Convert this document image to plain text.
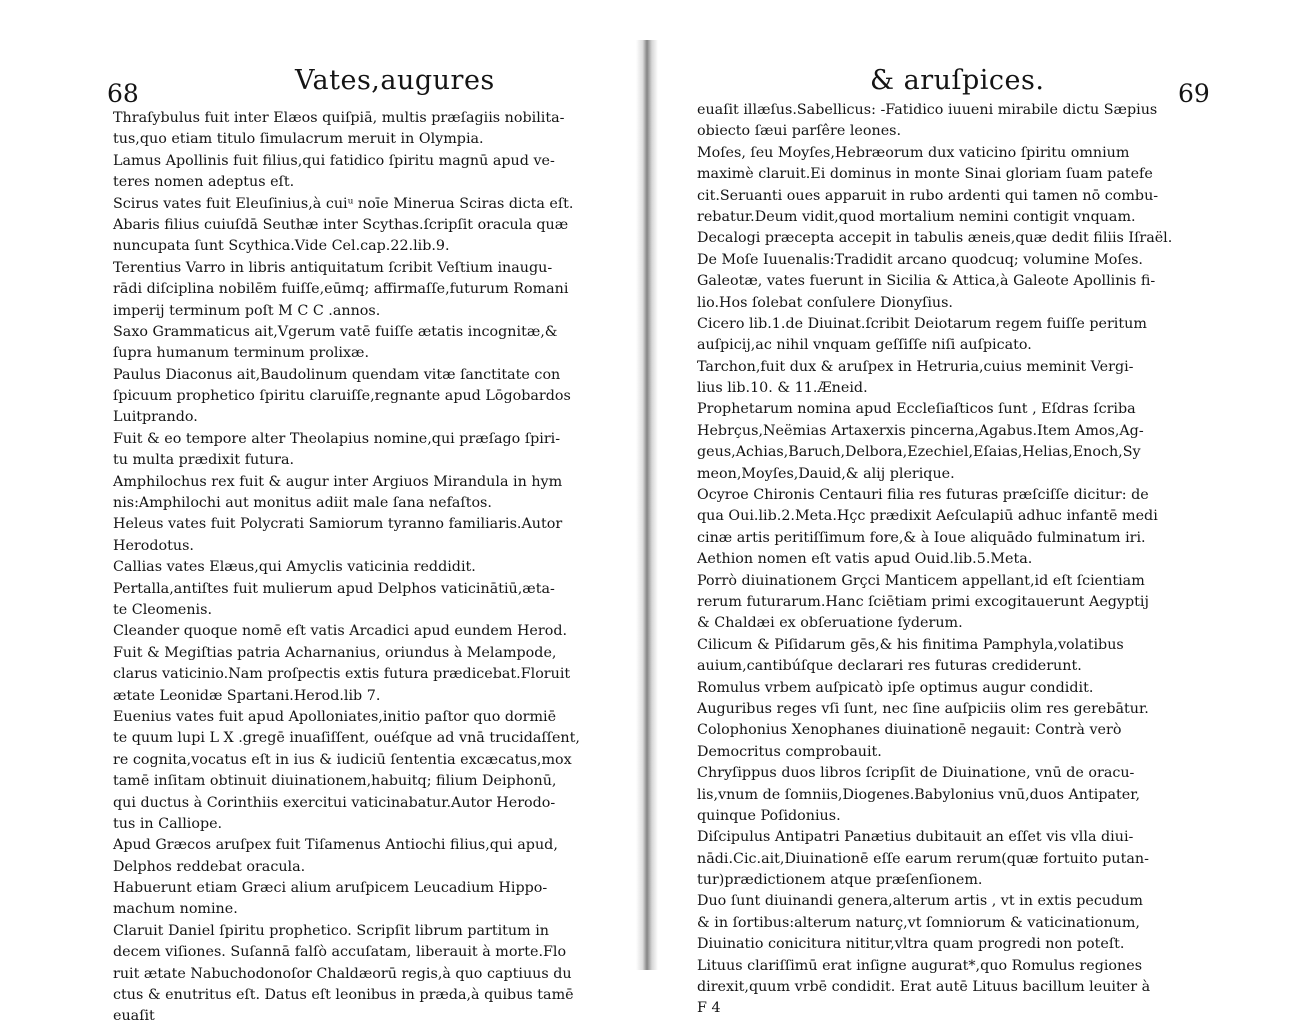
68	Vates,augures
Thraſybulus fuit inter Elæos quiſpiā, multis præſagiis nobilita-
tus,quo etiam titulo ſimulacrum meruit in Olympia.
Lamus Apollinis fuit filius,qui fatidico ſpiritu magnū apud ve-
teres nomen adeptus eſt.
Scirus vates fuit Eleuſinius,à cuiᵘ noīe Minerua Sciras dicta eſt.
Abaris filius cuiuſdā Seuthæ inter Scythas.ſcripſit oracula quæ
nuncupata ſunt Scythica.Vide Cel.cap.22.lib.9.
Terentius Varro in libris antiquitatum ſcribit Veſtium inaugu-
rādi diſciplina nobilēm fuiſſe,eūmq; affirmaſſe,futurum Romani
imperij terminum poſt M C C .annos.
Saxo Grammaticus ait,Vgerum vatē fuiſſe ætatis incognitæ,&
ſupra humanum terminum prolixæ.
Paulus Diaconus ait,Baudolinum quendam vitæ ſanctitate con
ſpicuum prophetico ſpiritu claruiſſe,regnante apud Lōgobardos
Luitprando.
Fuit & eo tempore alter Theolapius nomine,qui præſago ſpiri-
tu multa prædixit futura.
Amphilochus rex fuit & augur inter Argiuos Mirandula in hym
nis:Amphilochi aut monitus adiit male ſana nefaſtos.
Heleus vates fuit Polycrati Samiorum tyranno familiaris.Autor
Herodotus.
Callias vates Elæus,qui Amyclis vaticinia reddidit.
Pertalla,antiſtes fuit mulierum apud Delphos vaticinātiū,æta-
te Cleomenis.
Cleander quoque nomē eſt vatis Arcadici apud eundem Herod.
Fuit & Megiſtias patria Acharnanius, oriundus à Melampode,
clarus vaticinio.Nam proſpectis extis futura prædicebat.Floruit
ætate Leonidæ Spartani.Herod.lib 7.
Euenius vates fuit apud Apolloniates,initio paſtor quo dormiē
te quum lupi L X .gregē inuaſiſſent, ouéſque ad vnā trucidaſſent,
re cognita,vocatus eſt in ius & iudiciū ſententia excæcatus,mox
tamē inſitam obtinuit diuinationem,habuitq; filium Deiphonū,
qui ductus à Corinthiis exercitui vaticinabatur.Autor Herodo-
tus in Calliope.
Apud Græcos aruſpex fuit Tiſamenus Antiochi filius,qui apud,
Delphos reddebat oracula.
Habuerunt etiam Græci alium aruſpicem Leucadium Hippo-
machum nomine.
Claruit Daniel ſpiritu prophetico. Scripſit librum partitum in
decem viſiones. Suſannā falſò accuſatam, liberauit à morte.Flo
ruit ætate Nabuchodonoſor Chaldæorū regis,à quo captiuus du
ctus & enutritus eſt. Datus eſt leonibus in præda,à quibus tamē
euaſit
& aruſpices.	69
euaſit illæſus.Sabellicus: -Fatidico iuueni mirabile dictu Sæpius
obiecto ſæui parſêre leones.
Moſes, ſeu Moyſes,Hebræorum dux vaticino ſpiritu omnium
maximè claruit.Ei dominus in monte Sinai gloriam ſuam patefe
cit.Seruanti oues apparuit in rubo ardenti qui tamen nō combu-
rebatur.Deum vidit,quod mortalium nemini contigit vnquam.
Decalogi præcepta accepit in tabulis æneis,quæ dedit filiis Iſraël.
De Moſe Iuuenalis:Tradidit arcano quodcuq; volumine Moſes.
Galeotæ, vates fuerunt in Sicilia & Attica,à Galeote Apollinis fi-
lio.Hos ſolebat conſulere Dionyſius.
Cicero lib.1.de Diuinat.ſcribit Deiotarum regem fuiſſe peritum
auſpicij,ac nihil vnquam geſſiſſe niſi auſpicato.
Tarchon,fuit dux & aruſpex in Hetruria,cuius meminit Vergi-
lius lib.10. & 11.Æneid.
Prophetarum nomina apud Eccleſiaſticos ſunt , Eſdras ſcriba
Hebrçus,Neëmias Artaxerxis pincerna,Agabus.Item Amos,Ag-
geus,Achias,Baruch,Delbora,Ezechiel,Eſaias,Helias,Enoch,Sy
meon,Moyſes,Dauid,& alij plerique.
Ocyroe Chironis Centauri filia res futuras præſciſſe dicitur: de
qua Oui.lib.2.Meta.Hçc prædixit Aeſculapiū adhuc infantē medi
cinæ artis peritiſſimum fore,& à Ioue aliquādo fulminatum iri.
Aethion nomen eſt vatis apud Ouid.lib.5.Meta.
Porrò diuinationem Grçci Manticem appellant,id eſt ſcientiam
rerum futurarum.Hanc ſciētiam primi excogitauerunt Aegyptij
& Chaldæi ex obſeruatione ſyderum.
Cilicum & Piſidarum gēs,& his finitima Pamphyla,volatibus
auium,cantibúſque declarari res futuras crediderunt.
Romulus vrbem auſpicatò ipſe optimus augur condidit.
Auguribus reges vſi ſunt, nec ſine auſpiciis olim res gerebātur.
Colophonius Xenophanes diuinationē negauit: Contrà verò
Democritus comprobauit.
Chryſippus duos libros ſcripſit de Diuinatione, vnū de oracu-
lis,vnum de ſomniis,Diogenes.Babylonius vnū,duos Antipater,
quinque Poſidonius.
Diſcipulus Antipatri Panætius dubitauit an eſſet vis vlla diui-
nādi.Cic.ait,Diuinationē eſſe earum rerum(quæ fortuito putan-
tur)prædictionem atque præſenſionem.
Duo ſunt diuinandi genera,alterum artis , vt in extis pecudum
& in ſortibus:alterum naturç,vt ſomniorum & vaticinationum,
Diuinatio conicitura nititur,vltra quam progredi non poteſt.
Lituus clariſſimū erat inſigne augurat*,quo Romulus regiones
direxit,quum vrbē condidit. Erat autē Lituus bacillum leuiter à
F 4
